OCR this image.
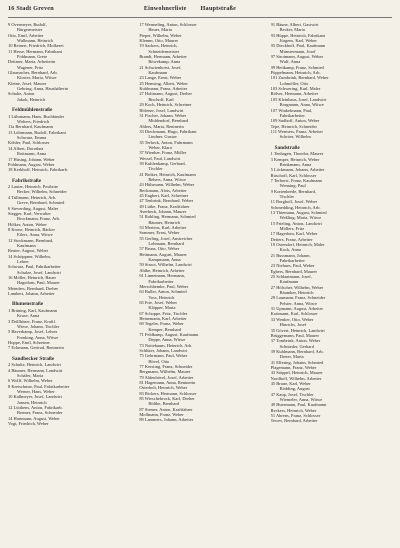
16 Stadt Greven	Einwohnerliste Hauptstraße
9 Overmeyer, Rudolf,
Bürgermeister
Otto, Emil, Arbeiter
Wallmann, Heinrich
10 Reinert, Friedrich, Molkerei
11 Hesse, Hermann, Fabrikant
Pohlmann, Grete
Deitmer, Maria, Arbeiterin
Wagener, Fritz
Glasmacher, Bernhard, Arb.
Kloster, Maria, Witwe
Kleine, Josef, Maurer
Gehring, Anna, Haushälterin
Schulte, Anton
Jakob, Heinrich
Feldmühlenstraße
1 Lührmann, Hans, Buchbinder
Wolters, Friedrich
11a Bernhard, Kaufmann
13 Lührmann, Rudolf, Fabrikant
Schwarz, Emma
Köhler, Paul, Schlosser
14 Albert, Dorothea
Rottmann, Anna
17 Hüsing, Johann, Weber
Pohlmann, August, Weber
18 Kerkhoff, Heinrich, Fabrikarb.
Fabrikstraße
2 Lauter, Heinrich, Postbote
Becker, Wilhelm, Schneider
4 Tüllmann, Heinrich, Arb.
Greve, Bernhard, Schmied
6 Sieverding, August, Maler
Stegger, Karl, Verwalter
Brockmann, Franz, Arb.
Hölker, Anton, Weber
8 Krone, Heinrich, Bäcker
Eilers, Anna, Witwe
12 Stockmann, Bernhard,
Kaufmann
Reuter, August, Weber
14 Schöppner, Wilhelm,
Lehrer
Schwarz, Paul, Fabrikarbeiter
Schulze, Josef, Landwirt
16 Möller, Heinrich, Bauer
Hagedorn, Paul, Maurer
Meinders, Bernhard, Dreher
Lambert, Johann, Arbeiter
Blumenstraße
1 Brüning, Karl, Kaufmann
Kruse, Anna
3 Drillhöner, Franz, Kraftf.
Wiese, Johann, Tischler
5 Haverkamp, Josef, Lehrer
Frenking, Anna, Witwe
Hoppe, Emil, Schreiner
7 Eckmann, Gertrud, Rentnerin
Sandbecker Straße
2 Schulte, Heinrich, Landwirt
4 Bäumer, Hermann, Landwirt
Schäfer, Maria
6 Wolff, Wilhelm, Weber
8 Kretschmer, Paul, Fabrikarbeiter
Werner, Hans, Weber
10 Kallmeyer, Josef, Landwirt
Jansen, Heinrich
12 Lüttkens, Anton, Fabrikarb.
Bremer, Franz, Schneider
14 Hartmann, August, Weber
Vogt, Friedrich, Weber
17 Wermeling, Anton, Schlosser
Heuer, Maria
Pieper, Wilhelm, Weber
Klemm, Otto, Maurer
19 Sackers, Heinrich,
Schneidermeister
Brandt, Hermann, Arbeiter
Röwekamp, Anna
21 Schwienhorst, Josef,
Kaufmann
23 Lange, Ernst, Weber
25 Hemsing, Albert, Weber
Kuhlmann, Franz, Arbeiter
27 Holtmann, August, Dreher
Bischoff, Karl
29 Koch, Heinrich, Schreiner
Höfener, Josef, Landwirt
31 Fischer, Johann, Weber
Middendorf, Bernhard
Ahlers, Maria, Rentnerin
33 Dieckmann, Hugo, Fabrikant
Lindner, Gustav
35 Terbeck, Anton, Fuhrmann
Weber, Klara
37 Wienker, Franz, Müller
Wessel, Paul, Landwirt
39 Kuhlenkamp, Gerhard,
Tischler
41 Bröker, Heinrich, Kaufmann
Rehers, Anna, Witwe
43 Hülsmann, Wilhelm, Weber
Beckmann, Alois, Arbeiter
45 Engbert, Karl, Schreiner
47 Tenbrink, Bernhard, Weber
49 Lütke, Franz, Kraftfahrer
Averbeck, Johann, Maurer
51 Rohling, Hermann, Schmied
Bäumer, Heinrich
53 Mertens, Karl, Arbeiter
Sommer, Ernst, Weber
55 Gerling, Josef, Anstreicher
Lohmann, Bernhard
57 Bruns, Otto, Weber
Heitmann, August, Maurer
Kampmann, Anna
59 Stroot, Wilhelm, Landwirt
Ahlke, Heinrich, Arbeiter
61 Linnemann, Hermann,
Fabrikarbeiter
Merschhemke, Paul, Weber
63 Buller, Anton, Schmied
Voss, Heinrich
65 Frie, Josef, Weber
Klöpper, Maria
67 Schoppe, Fritz, Tischler
Heinemann, Karl, Arbeiter
69 Tegeler, Franz, Weber
Kemper, Bernhard
71 Feldkamp, August, Kaufmann
Deppe, Anna, Witwe
73 Nottebaum, Heinrich, Arb.
Schlüter, Johann, Landwirt
75 Gehrmann, Paul, Weber
Hövel, Otto
77 Kersting, Franz, Schneider
Bergmann, Wilhelm, Maurer
79 Aldenhövel, Josef, Arbeiter
81 Hagemann, Anna, Rentnerin
Osterholt, Heinrich, Weber
83 Rickers, Hermann, Schlosser
85 Wieschebrock, Karl, Dreher
Höltke, Bernhard
87 Siemer, Anton, Kraftfahrer
Mollmann, Franz, Weber
89 Lammers, Johann, Arbeiter
91 Bäune, Albert, Gastwirt
Becker, Maria
93 Hüppe, Heinrich, Fabrikant
Jürgens, Karl, Weber
95 Dieckhoff, Paul, Kaufmann
Münstermann, Josef
97 Strotmann, August, Weber
Wulf, Anna
99 Heitkamp, Franz, Schmied
Pöppelmann, Heinrich, Arb.
101 Zumbrink, Bernhard, Weber
Lohmöller, Otto
103 Schwering, Karl, Maler
Rölver, Hermann, Arbeiter
105 Kleinhaus, Josef, Landwirt
Borgmann, Anna, Witwe
107 Winkelmann, Paul,
Fabrikarbeiter
109 Sudhoff, Anton, Weber
Tepe, Heinrich, Schneider
111 Wermers, Franz, Arbeiter
Schröer, Wilhelm
Sandstraße
1 Tenhagen, Theodor, Maurer
3 Kemper, Heinrich, Weber
Brinkmann, Anna
5 Löckmann, Johann, Arbeiter
Rüschoff, Karl, Schlosser
7 Terhorst, Franz, Kaufmann
Wenning, Paul
9 Kortenbrede, Bernhard,
Tischler
11 Borghoff, Josef, Weber
Schmedding, Heinrich, Arb.
13 Thiemann, August, Schmied
Weßling, Maria, Witwe
15 Frieling, Anton, Landwirt
Möllers, Fritz
17 Hagedorn, Karl, Weber
Deiters, Franz, Arbeiter
19 Ostendorf, Heinrich, Maler
Kock, Anna
21 Bussmann, Johann,
Fabrikarbeiter
23 Niehues, Paul, Weber
Egbers, Bernhard, Maurer
25 Schlautmann, Josef,
Kaufmann
27 Hölscher, Wilhelm, Weber
Bäumker, Heinrich
29 Laumann, Franz, Schneider
Pelster, Anna, Witwe
31 Upmann, August, Arbeiter
Kottmann, Karl, Schlosser
33 Wenker, Otto, Weber
Hinrichs, Josef
35 Gövert, Heinrich, Landwirt
Brüggemann, Paul, Maurer
37 Tombrink, Anton, Weber
Schnieder, Gerhard
39 Kuhlmann, Bernhard, Arb.
Dreier, Maria
41 Elfering, Johann, Schmied
Plagemann, Franz, Weber
43 Stöppel, Heinrich, Maurer
Nordhoff, Wilhelm, Arbeiter
45 Brune, Karl, Weber
Bödding, August
47 Kaup, Josef, Tischler
Wiemeler, Anna, Witwe
49 Huesmann, Paul, Kaufmann
Reckers, Heinrich, Weber
51 Ahrens, Franz, Schlosser
Tewes, Bernhard, Arbeiter
